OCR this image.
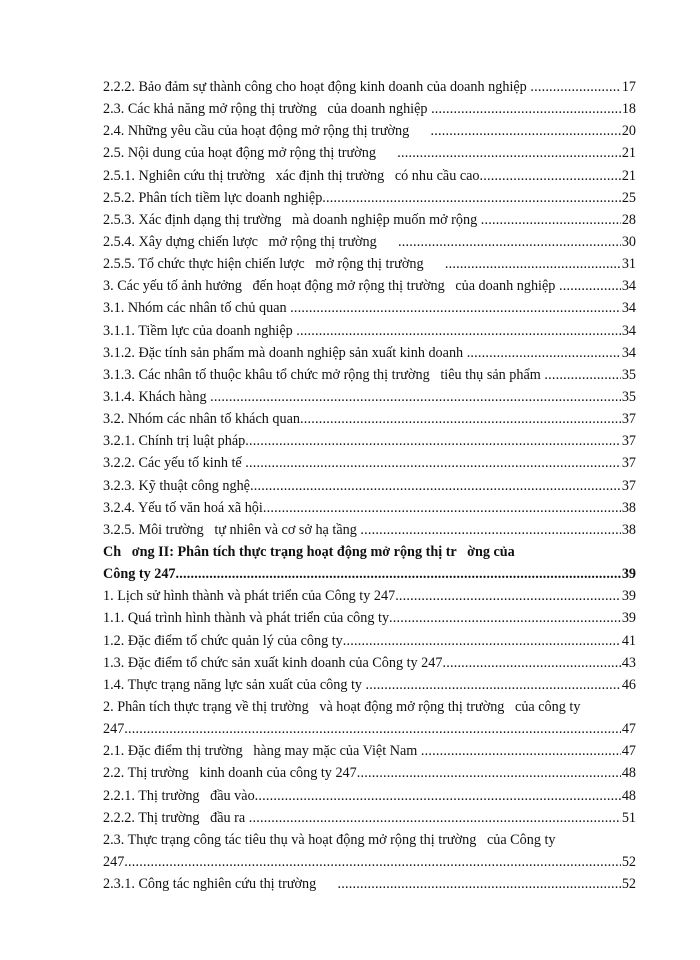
2.2.2. Bảo đảm sự thành công cho hoạt động kinh doanh của doanh nghiệp .....	17
2.3. Các khả năng mở rộng thị trường   của doanh nghiệp .....	18
2.4. Những yêu cầu của hoạt động mở rộng thị trường .....	20
2.5. Nội dung của hoạt động mở rộng thị trường .....	21
2.5.1. Nghiên cứu thị trường   xác định thị trường   có nhu cầu cao .....	21
2.5.2. Phân tích tiềm lực doanh nghiệp .....	25
2.5.3. Xác định dạng thị trường   mà doanh nghiệp muốn mở rộng .....	28
2.5.4. Xây dựng chiến lược   mở rộng thị trường .....	30
2.5.5. Tổ chức thực hiện chiến lược   mở rộng thị trường .....	31
3. Các yếu tố ảnh hưởng   đến hoạt động mở rộng thị trường   của doanh nghiệp .....	34
3.1. Nhóm các nhân tố chủ quan .....	34
3.1.1. Tiềm lực của doanh nghiệp .....	34
3.1.2. Đặc tính sản phẩm mà doanh nghiệp sản xuất kinh doanh .....	34
3.1.3. Các nhân tố thuộc khâu tổ chức mở rộng thị trường   tiêu thụ sản phẩm .....	35
3.1.4. Khách hàng .....	35
3.2. Nhóm các nhân tố khách quan .....	37
3.2.1. Chính trị luật pháp .....	37
3.2.2. Các yếu tố kinh tế .....	37
3.2.3. Kỹ thuật công nghệ .....	37
3.2.4. Yếu tố văn hoá xã hội .....	38
3.2.5. Môi trường   tự nhiên và cơ sở hạ tầng .....	38
Ch   ơng II: Phân tích thực trạng hoạt động mở rộng thị tr   ờng của
Công ty 247 .....	39
1. Lịch sử hình thành và phát triển của Công ty 247 .....	39
1.1. Quá trình hình thành và phát triển của công ty .....	39
1.2. Đặc điểm tổ chức quản lý của công ty .....	41
1.3. Đặc điểm tổ chức sản xuất kinh doanh của Công ty 247 .....	43
1.4. Thực trạng năng lực sản xuất của công ty .....	46
2. Phân tích thực trạng về thị trường   và hoạt động mở rộng thị trường   của công ty
247 .....	47
2.1. Đặc điểm thị trường   hàng may mặc của Việt Nam .....	47
2.2. Thị trường   kinh doanh của công ty 247 .....	48
2.2.1. Thị trường   đầu vào .....	48
2.2.2. Thị trường   đầu ra .....	51
2.3. Thực trạng công tác tiêu thụ và hoạt động mở rộng thị trường   của Công ty
247 .....	52
2.3.1. Công tác nghiên cứu thị trường .....	52
